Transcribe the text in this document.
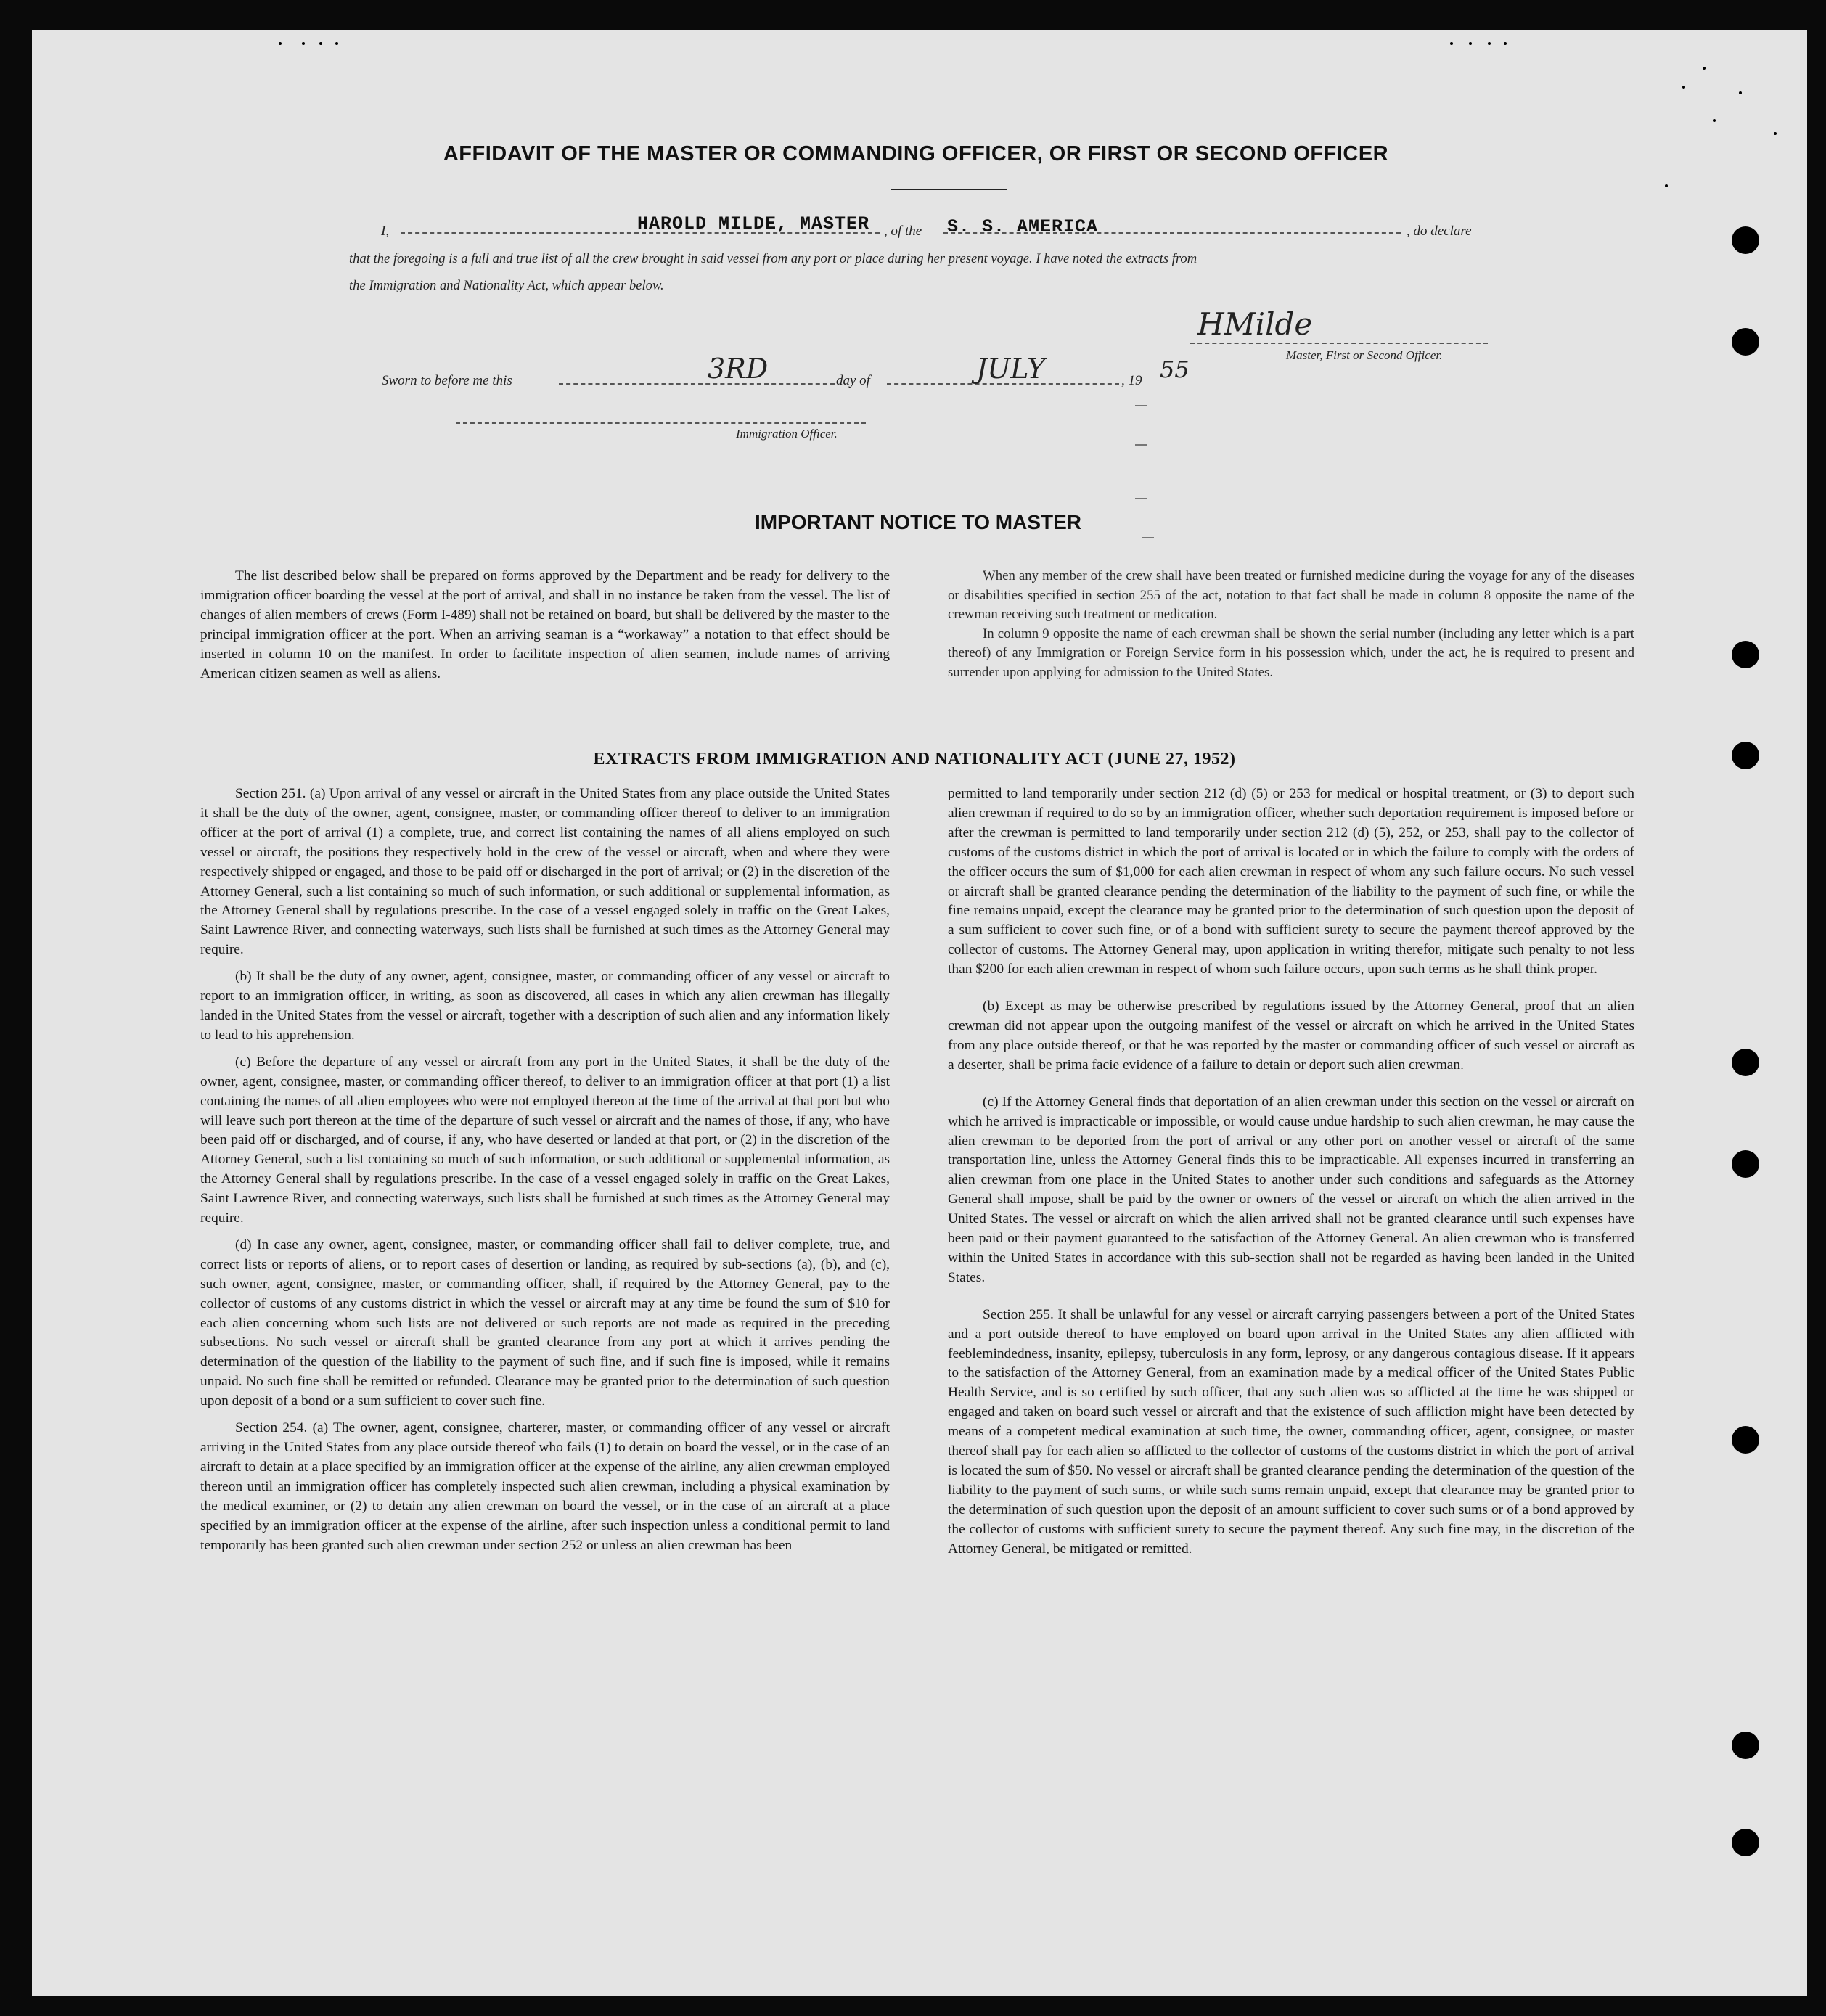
AFFIDAVIT OF THE MASTER OR COMMANDING OFFICER, OR FIRST OR SECOND OFFICER
I,	HAROLD MILDE, MASTER , of the S. S. AMERICA	, do declare
that the foregoing is a full and true list of all the crew brought in said vessel from any port or place during her present voyage. I have noted the extracts from
the Immigration and Nationality Act, which appear below.
HMilde
Master, First or Second Officer.
Sworn to before me this	3RD	day of	JULY	, 19 55
Immigration Officer.
IMPORTANT NOTICE TO MASTER

The list described below shall be prepared on forms approved by the Department and be ready for delivery to the immigration officer boarding the vessel at the port of arrival, and shall in no instance be taken from the vessel. The list of changes of alien members of crews (Form I-489) shall not be retained on board, but shall be delivered by the master to the principal immigration officer at the port. When an arriving seaman is a “workaway” a notation to that effect should be inserted in column 10 on the manifest. In order to facilitate inspection of alien seamen, include names of arriving American citizen seamen as well as aliens.

When any member of the crew shall have been treated or furnished medicine during the voyage for any of the diseases or disabilities specified in section 255 of the act, notation to that fact shall be made in column 8 opposite the name of the crewman receiving such treatment or medication.

In column 9 opposite the name of each crewman shall be shown the serial number (including any letter which is a part thereof) of any Immigration or Foreign Service form in his possession which, under the act, he is required to present and surrender upon applying for admission to the United States.

EXTRACTS FROM IMMIGRATION AND NATIONALITY ACT (JUNE 27, 1952)

Section 251. (a) Upon arrival of any vessel or aircraft in the United States from any place outside the United States it shall be the duty of the owner, agent, consignee, master, or commanding officer thereof to deliver to an immigration officer at the port of arrival (1) a complete, true, and correct list containing the names of all aliens employed on such vessel or aircraft, the positions they respectively hold in the crew of the vessel or aircraft, when and where they were respectively shipped or engaged, and those to be paid off or discharged in the port of arrival; or (2) in the discretion of the Attorney General, such a list containing so much of such information, or such additional or supplemental information, as the Attorney General shall by regulations prescribe. In the case of a vessel engaged solely in traffic on the Great Lakes, Saint Lawrence River, and connecting waterways, such lists shall be furnished at such times as the Attorney General may require.

(b) It shall be the duty of any owner, agent, consignee, master, or commanding officer of any vessel or aircraft to report to an immigration officer, in writing, as soon as discovered, all cases in which any alien crewman has illegally landed in the United States from the vessel or aircraft, together with a description of such alien and any information likely to lead to his apprehension.

(c) Before the departure of any vessel or aircraft from any port in the United States, it shall be the duty of the owner, agent, consignee, master, or commanding officer thereof, to deliver to an immigration officer at that port (1) a list containing the names of all alien employees who were not employed thereon at the time of the arrival at that port but who will leave such port thereon at the time of the departure of such vessel or aircraft and the names of those, if any, who have been paid off or discharged, and of course, if any, who have deserted or landed at that port, or (2) in the discretion of the Attorney General, such a list containing so much of such information, or such additional or supplemental information, as the Attorney General shall by regulations prescribe. In the case of a vessel engaged solely in traffic on the Great Lakes, Saint Lawrence River, and connecting waterways, such lists shall be furnished at such times as the Attorney General may require.

(d) In case any owner, agent, consignee, master, or commanding officer shall fail to deliver complete, true, and correct lists or reports of aliens, or to report cases of desertion or landing, as required by sub-sections (a), (b), and (c), such owner, agent, consignee, master, or commanding officer, shall, if required by the Attorney General, pay to the collector of customs of any customs district in which the vessel or aircraft may at any time be found the sum of $10 for each alien concerning whom such lists are not delivered or such reports are not made as required in the preceding subsections. No such vessel or aircraft shall be granted clearance from any port at which it arrives pending the determination of the question of the liability to the payment of such fine, and if such fine is imposed, while it remains unpaid. No such fine shall be remitted or refunded. Clearance may be granted prior to the determination of such question upon deposit of a bond or a sum sufficient to cover such fine.

Section 254. (a) The owner, agent, consignee, charterer, master, or commanding officer of any vessel or aircraft arriving in the United States from any place outside thereof who fails (1) to detain on board the vessel, or in the case of an aircraft to detain at a place specified by an immigration officer at the expense of the airline, any alien crewman employed thereon until an immigration officer has completely inspected such alien crewman, including a physical examination by the medical examiner, or (2) to detain any alien crewman on board the vessel, or in the case of an aircraft at a place specified by an immigration officer at the expense of the airline, after such inspection unless a conditional permit to land temporarily has been granted such alien crewman under section 252 or unless an alien crewman has been

permitted to land temporarily under section 212 (d) (5) or 253 for medical or hospital treatment, or (3) to deport such alien crewman if required to do so by an immigration officer, whether such deportation requirement is imposed before or after the crewman is permitted to land temporarily under section 212 (d) (5), 252, or 253, shall pay to the collector of customs of the customs district in which the port of arrival is located or in which the failure to comply with the orders of the officer occurs the sum of $1,000 for each alien crewman in respect of whom any such failure occurs. No such vessel or aircraft shall be granted clearance pending the determination of the liability to the payment of such fine, or while the fine remains unpaid, except the clearance may be granted prior to the determination of such question upon the deposit of a sum sufficient to cover such fine, or of a bond with sufficient surety to secure the payment thereof approved by the collector of customs. The Attorney General may, upon application in writing therefor, mitigate such penalty to not less than $200 for each alien crewman in respect of whom such failure occurs, upon such terms as he shall think proper.

(b) Except as may be otherwise prescribed by regulations issued by the Attorney General, proof that an alien crewman did not appear upon the outgoing manifest of the vessel or aircraft on which he arrived in the United States from any place outside thereof, or that he was reported by the master or commanding officer of such vessel or aircraft as a deserter, shall be prima facie evidence of a failure to detain or deport such alien crewman.

(c) If the Attorney General finds that deportation of an alien crewman under this section on the vessel or aircraft on which he arrived is impracticable or impossible, or would cause undue hardship to such alien crewman, he may cause the alien crewman to be deported from the port of arrival or any other port on another vessel or aircraft of the same transportation line, unless the Attorney General finds this to be impracticable. All expenses incurred in transferring an alien crewman from one place in the United States to another under such conditions and safeguards as the Attorney General shall impose, shall be paid by the owner or owners of the vessel or aircraft on which the alien arrived in the United States. The vessel or aircraft on which the alien arrived shall not be granted clearance until such expenses have been paid or their payment guaranteed to the satisfaction of the Attorney General. An alien crewman who is transferred within the United States in accordance with this sub-section shall not be regarded as having been landed in the United States.

Section 255. It shall be unlawful for any vessel or aircraft carrying passengers between a port of the United States and a port outside thereof to have employed on board upon arrival in the United States any alien afflicted with feeblemindedness, insanity, epilepsy, tuberculosis in any form, leprosy, or any dangerous contagious disease. If it appears to the satisfaction of the Attorney General, from an examination made by a medical officer of the United States Public Health Service, and is so certified by such officer, that any such alien was so afflicted at the time he was shipped or engaged and taken on board such vessel or aircraft and that the existence of such affliction might have been detected by means of a competent medical examination at such time, the owner, commanding officer, agent, consignee, or master thereof shall pay for each alien so afflicted to the collector of customs of the customs district in which the port of arrival is located the sum of $50. No vessel or aircraft shall be granted clearance pending the determination of the question of the liability to the payment of such sums, or while such sums remain unpaid, except that clearance may be granted prior to the determination of such question upon the deposit of an amount sufficient to cover such sums or of a bond approved by the collector of customs with sufficient surety to secure the payment thereof. Any such fine may, in the discretion of the Attorney General, be mitigated or remitted.
